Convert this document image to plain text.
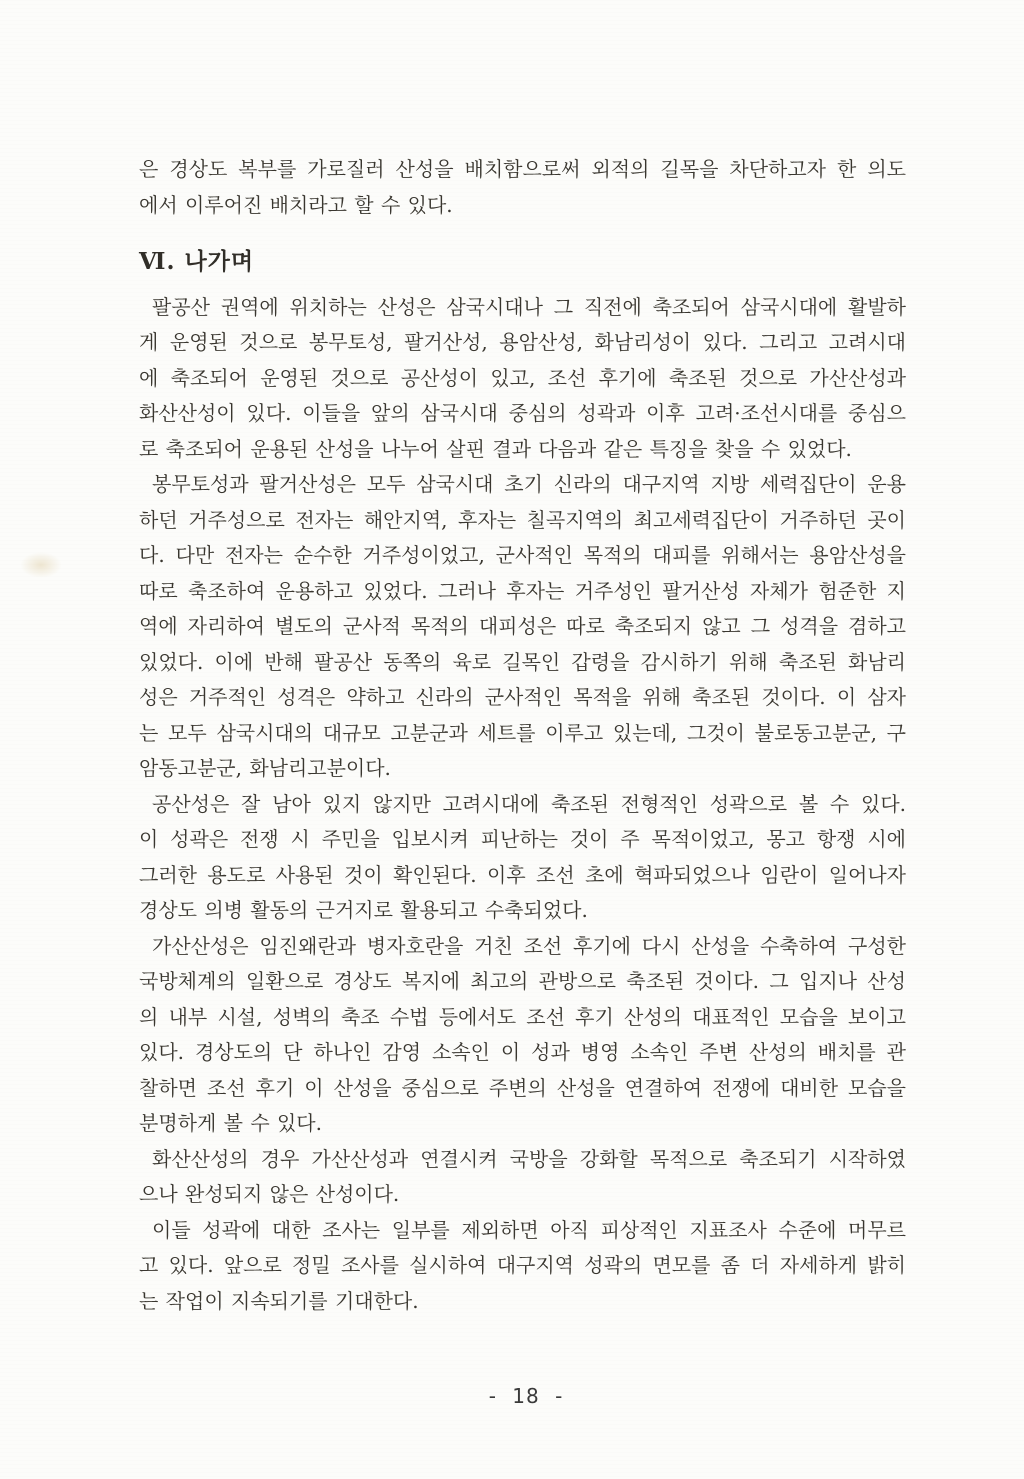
은 경상도 복부를 가로질러 산성을 배치함으로써 외적의 길목을 차단하고자 한 의도
에서 이루어진 배치라고 할 수 있다.
Ⅵ. 나가며
팔공산 권역에 위치하는 산성은 삼국시대나 그 직전에 축조되어 삼국시대에 활발하
게 운영된 것으로 봉무토성, 팔거산성, 용암산성, 화남리성이 있다. 그리고 고려시대
에 축조되어 운영된 것으로 공산성이 있고, 조선 후기에 축조된 것으로 가산산성과
화산산성이 있다. 이들을 앞의 삼국시대 중심의 성곽과 이후 고려·조선시대를 중심으
로 축조되어 운용된 산성을 나누어 살핀 결과 다음과 같은 특징을 찾을 수 있었다.
봉무토성과 팔거산성은 모두 삼국시대 초기 신라의 대구지역 지방 세력집단이 운용
하던 거주성으로 전자는 해안지역, 후자는 칠곡지역의 최고세력집단이 거주하던 곳이
다. 다만 전자는 순수한 거주성이었고, 군사적인 목적의 대피를 위해서는 용암산성을
따로 축조하여 운용하고 있었다. 그러나 후자는 거주성인 팔거산성 자체가 험준한 지
역에 자리하여 별도의 군사적 목적의 대피성은 따로 축조되지 않고 그 성격을 겸하고
있었다. 이에 반해 팔공산 동쪽의 육로 길목인 갑령을 감시하기 위해 축조된 화남리
성은 거주적인 성격은 약하고 신라의 군사적인 목적을 위해 축조된 것이다. 이 삼자
는 모두 삼국시대의 대규모 고분군과 세트를 이루고 있는데, 그것이 불로동고분군, 구
암동고분군, 화남리고분이다.
공산성은 잘 남아 있지 않지만 고려시대에 축조된 전형적인 성곽으로 볼 수 있다.
이 성곽은 전쟁 시 주민을 입보시켜 피난하는 것이 주 목적이었고, 몽고 항쟁 시에
그러한 용도로 사용된 것이 확인된다. 이후 조선 초에 혁파되었으나 임란이 일어나자
경상도 의병 활동의 근거지로 활용되고 수축되었다.
가산산성은 임진왜란과 병자호란을 거친 조선 후기에 다시 산성을 수축하여 구성한
국방체계의 일환으로 경상도 복지에 최고의 관방으로 축조된 것이다. 그 입지나 산성
의 내부 시설, 성벽의 축조 수법 등에서도 조선 후기 산성의 대표적인 모습을 보이고
있다. 경상도의 단 하나인 감영 소속인 이 성과 병영 소속인 주변 산성의 배치를 관
찰하면 조선 후기 이 산성을 중심으로 주변의 산성을 연결하여 전쟁에 대비한 모습을
분명하게 볼 수 있다.
화산산성의 경우 가산산성과 연결시켜 국방을 강화할 목적으로 축조되기 시작하였
으나 완성되지 않은 산성이다.
이들 성곽에 대한 조사는 일부를 제외하면 아직 피상적인 지표조사 수준에 머무르
고 있다. 앞으로 정밀 조사를 실시하여 대구지역 성곽의 면모를 좀 더 자세하게 밝히
는 작업이 지속되기를 기대한다.
- 18 -
